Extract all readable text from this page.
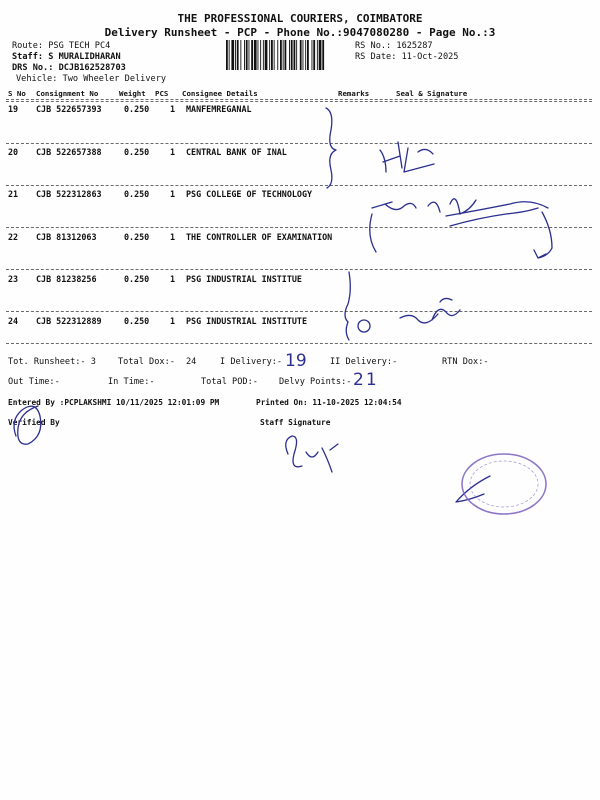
THE PROFESSIONAL COURIERS, COIMBATORE
Delivery Runsheet - PCP - Phone No.:9047080280 - Page No.:3
Route: PSG TECH PC4
Staff: S MURALIDHARAN
DRS No.: DCJB162528703
Vehicle: Two Wheeler Delivery
RS No.: 1625287
RS Date: 11-Oct-2025
S No Consignment No	Weight PCS Consignee Details	Remarks	Seal & Signature
19 CJB 522657393	0.250 1 MANFEMREGANAL
20 CJB 522657388	0.250 1 CENTRAL BANK OF INAL
21 CJB 522312863	0.250 1 PSG COLLEGE OF TECHNOLOGY
22 CJB 81312063	0.250 1 THE CONTROLLER OF EXAMINATION
23 CJB 81238256	0.250 1 PSG INDUSTRIAL INSTITUE
24 CJB 522312889	0.250 1 PSG INDUSTRIAL INSTITUTE
Tot. Runsheet:- 3	Total Dox:- 24	I Delivery:- 19	II Delivery:-	RTN Dox:-
Out Time:-	In Time:-	Total POD:- Delvy Points:- 21
Entered By :PCPLAKSHMI 10/11/2025 12:01:09 PM	Printed On: 11-10-2025 12:04:54
Verified By	Staff Signature
